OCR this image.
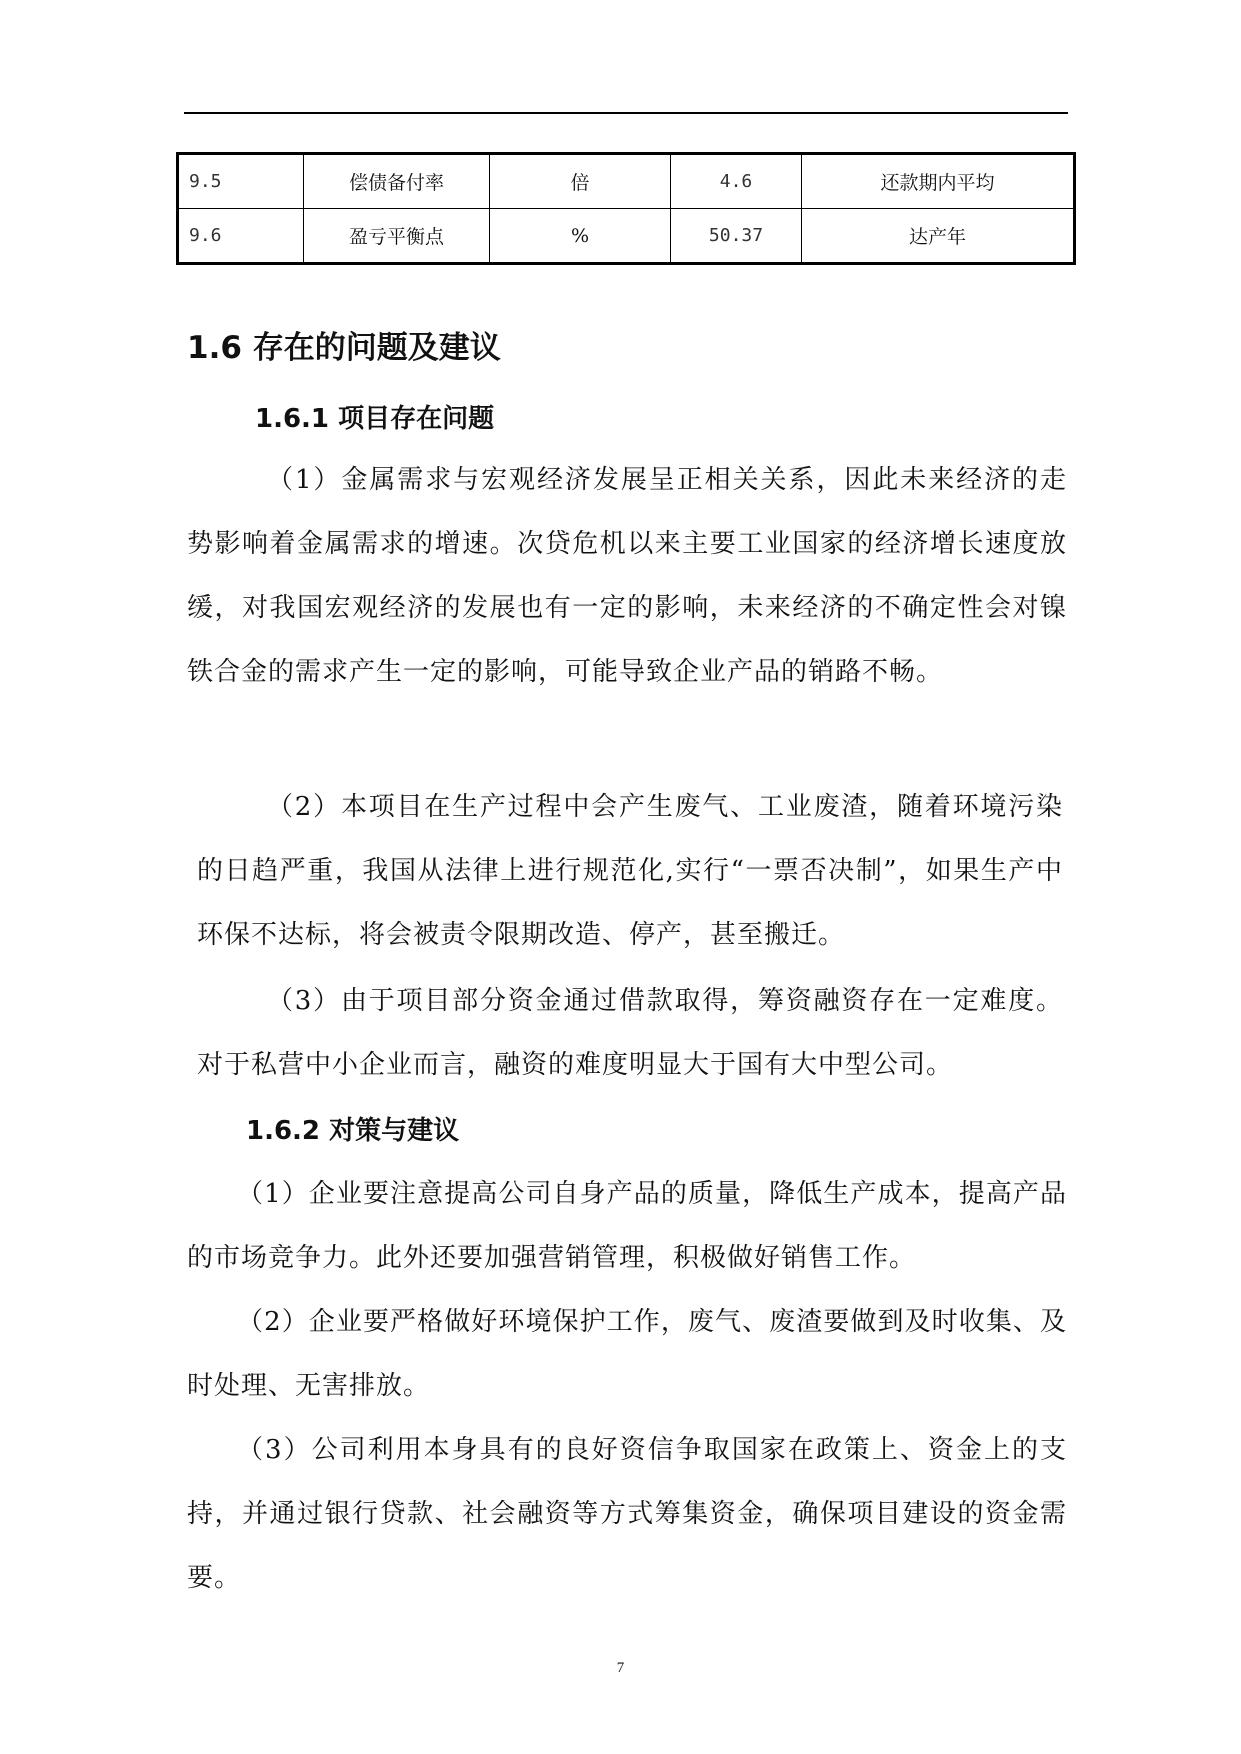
9.5	偿债备付率	倍	4.6	还款期内平均
9.6	盈亏平衡点	%	50.37	达产年
1.6 存在的问题及建议
1.6.1 项目存在问题

（1）金属需求与宏观经济发展呈正相关关系，因此未来经济的走势影响着金属需求的增速。次贷危机以来主要工业国家的经济增长速度放缓，对我国宏观经济的发展也有一定的影响，未来经济的不确定性会对镍铁合金的需求产生一定的影响，可能导致企业产品的销路不畅。

（2）本项目在生产过程中会产生废气、工业废渣，随着环境污染的日趋严重，我国从法律上进行规范化,实行“一票否决制”，如果生产中环保不达标，将会被责令限期改造、停产，甚至搬迁。

（3）由于项目部分资金通过借款取得，筹资融资存在一定难度。对于私营中小企业而言，融资的难度明显大于国有大中型公司。

1.6.2 对策与建议

（1）企业要注意提高公司自身产品的质量，降低生产成本，提高产品的市场竞争力。此外还要加强营销管理，积极做好销售工作。

（2）企业要严格做好环境保护工作，废气、废渣要做到及时收集、及时处理、无害排放。

（3）公司利用本身具有的良好资信争取国家在政策上、资金上的支持，并通过银行贷款、社会融资等方式筹集资金，确保项目建设的资金需要。

7
